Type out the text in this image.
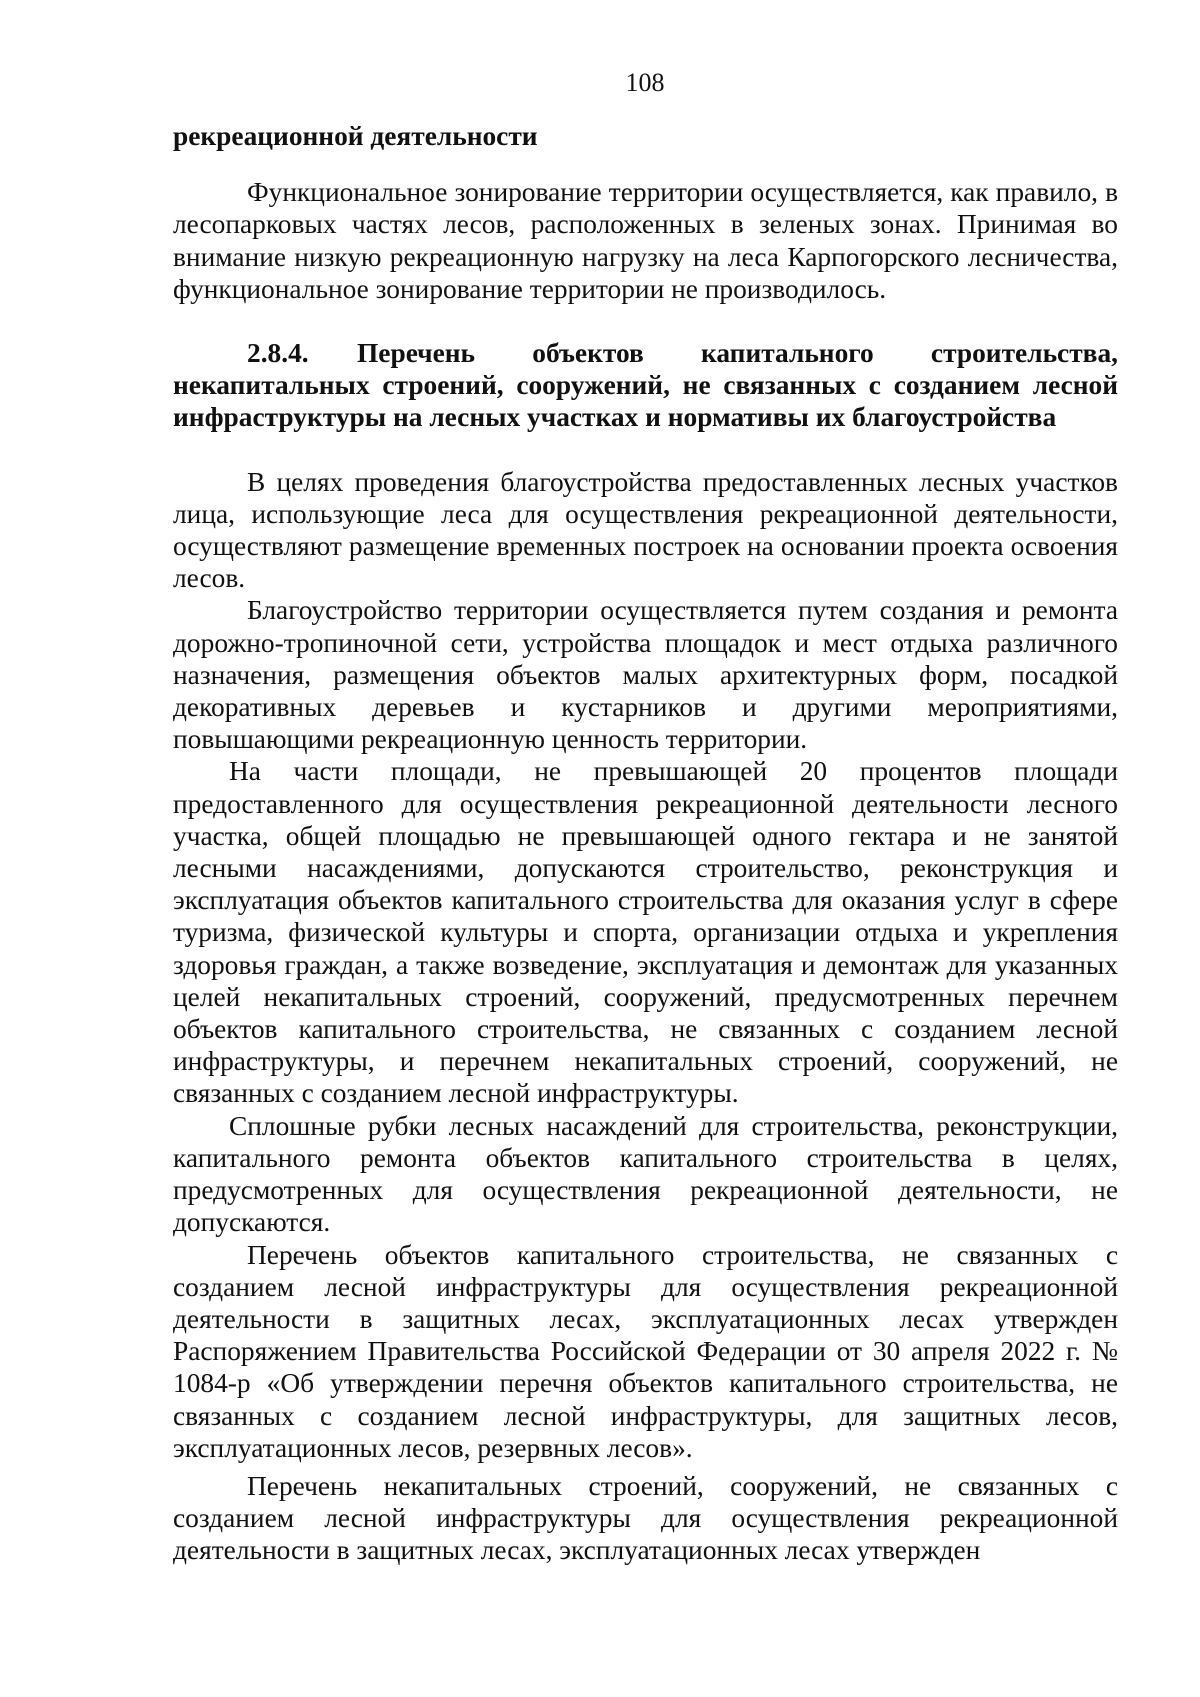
108

рекреационной деятельности

Функциональное зонирование территории осуществляется, как правило, в лесопарковых частях лесов, расположенных в зеленых зонах. Принимая во внимание низкую рекреационную нагрузку на леса Карпогорского лесничества, функциональное зонирование территории не производилось.

2.8.4. Перечень объектов капитального строительства, некапитальных строений, сооружений, не связанных с созданием лесной инфраструктуры на лесных участках и нормативы их благоустройства

В целях проведения благоустройства предоставленных лесных участков лица, использующие леса для осуществления рекреационной деятельности, осуществляют размещение временных построек на основании проекта освоения лесов.

Благоустройство территории осуществляется путем создания и ремонта дорожно-тропиночной сети, устройства площадок и мест отдыха различного назначения, размещения объектов малых архитектурных форм, посадкой декоративных деревьев и кустарников и другими мероприятиями, повышающими рекреационную ценность территории.

На части площади, не превышающей 20 процентов площади предоставленного для осуществления рекреационной деятельности лесного участка, общей площадью не превышающей одного гектара и не занятой лесными насаждениями, допускаются строительство, реконструкция и эксплуатация объектов капитального строительства для оказания услуг в сфере туризма, физической культуры и спорта, организации отдыха и укрепления здоровья граждан, а также возведение, эксплуатация и демонтаж для указанных целей некапитальных строений, сооружений, предусмотренных перечнем объектов капитального строительства, не связанных с созданием лесной инфраструктуры, и перечнем некапитальных строений, сооружений, не связанных с созданием лесной инфраструктуры.

Сплошные рубки лесных насаждений для строительства, реконструкции, капитального ремонта объектов капитального строительства в целях, предусмотренных для осуществления рекреационной деятельности, не допускаются.

Перечень объектов капитального строительства, не связанных с созданием лесной инфраструктуры для осуществления рекреационной деятельности в защитных лесах, эксплуатационных лесах утвержден Распоряжением Правительства Российской Федерации от 30 апреля 2022 г. № 1084-р «Об утверждении перечня объектов капитального строительства, не связанных с созданием лесной инфраструктуры, для защитных лесов, эксплуатационных лесов, резервных лесов».

Перечень некапитальных строений, сооружений, не связанных с созданием лесной инфраструктуры для осуществления рекреационной деятельности в защитных лесах, эксплуатационных лесах утвержден
